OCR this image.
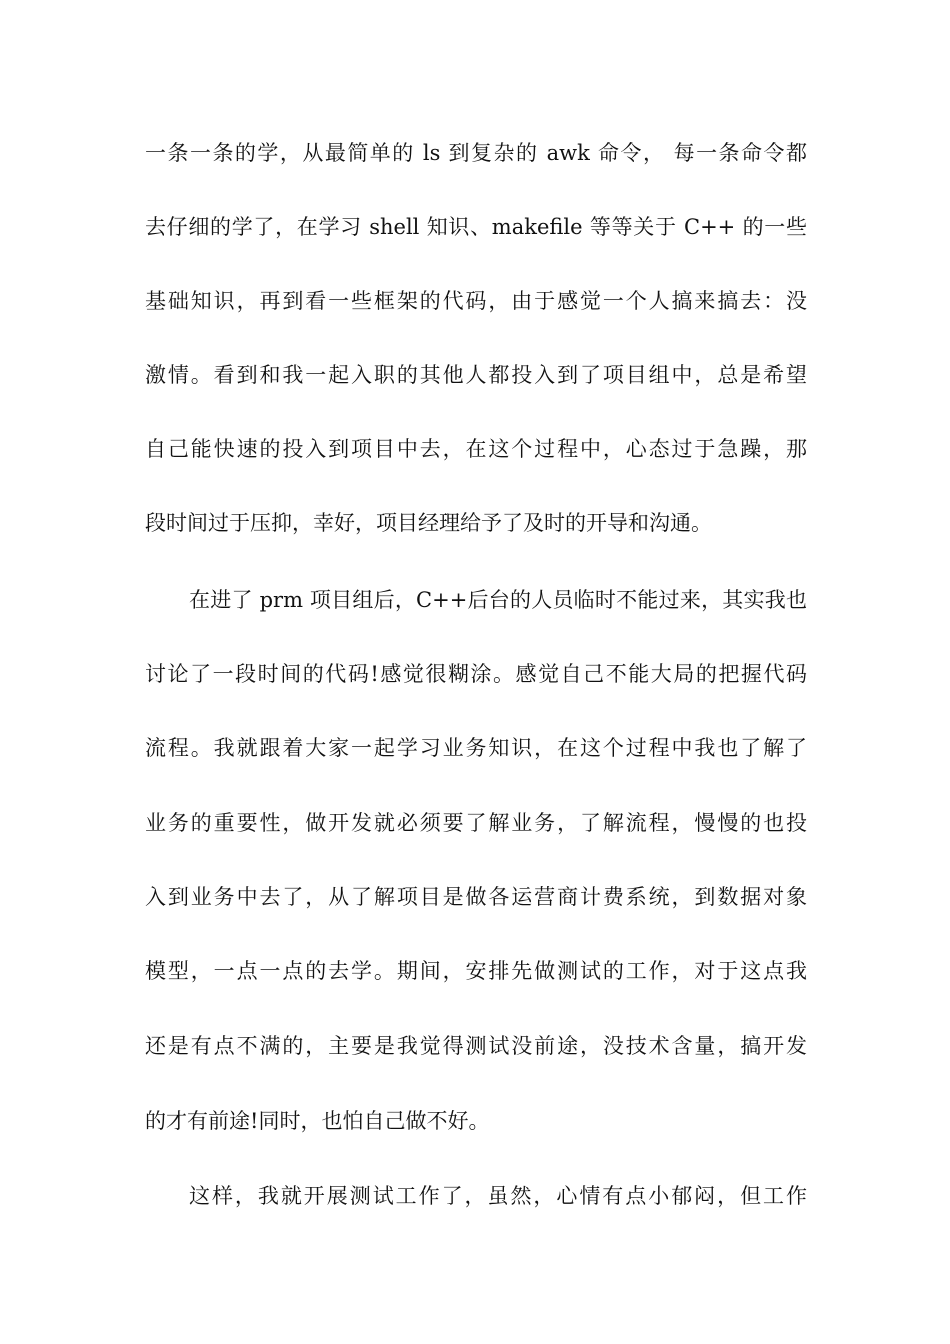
一条一条的学，从最简单的 ls 到复杂的 awk 命令， 每一条命令都
去仔细的学了，在学习 shell 知识、makefile 等等关于 C++ 的一些
基础知识，再到看一些框架的代码，由于感觉一个人搞来搞去：没
激情。看到和我一起入职的其他人都投入到了项目组中，总是希望
自己能快速的投入到项目中去，在这个过程中，心态过于急躁，那
段时间过于压抑，幸好，项目经理给予了及时的开导和沟通。
在进了 prm 项目组后，C++后台的人员临时不能过来，其实我也
讨论了一段时间的代码!感觉很糊涂。感觉自己不能大局的把握代码
流程。我就跟着大家一起学习业务知识，在这个过程中我也了解了
业务的重要性，做开发就必须要了解业务，了解流程，慢慢的也投
入到业务中去了，从了解项目是做各运营商计费系统，到数据对象
模型，一点一点的去学。期间，安排先做测试的工作，对于这点我
还是有点不满的，主要是我觉得测试没前途，没技术含量，搞开发
的才有前途!同时，也怕自己做不好。
这样，我就开展测试工作了，虽然，心情有点小郁闷，但工作
